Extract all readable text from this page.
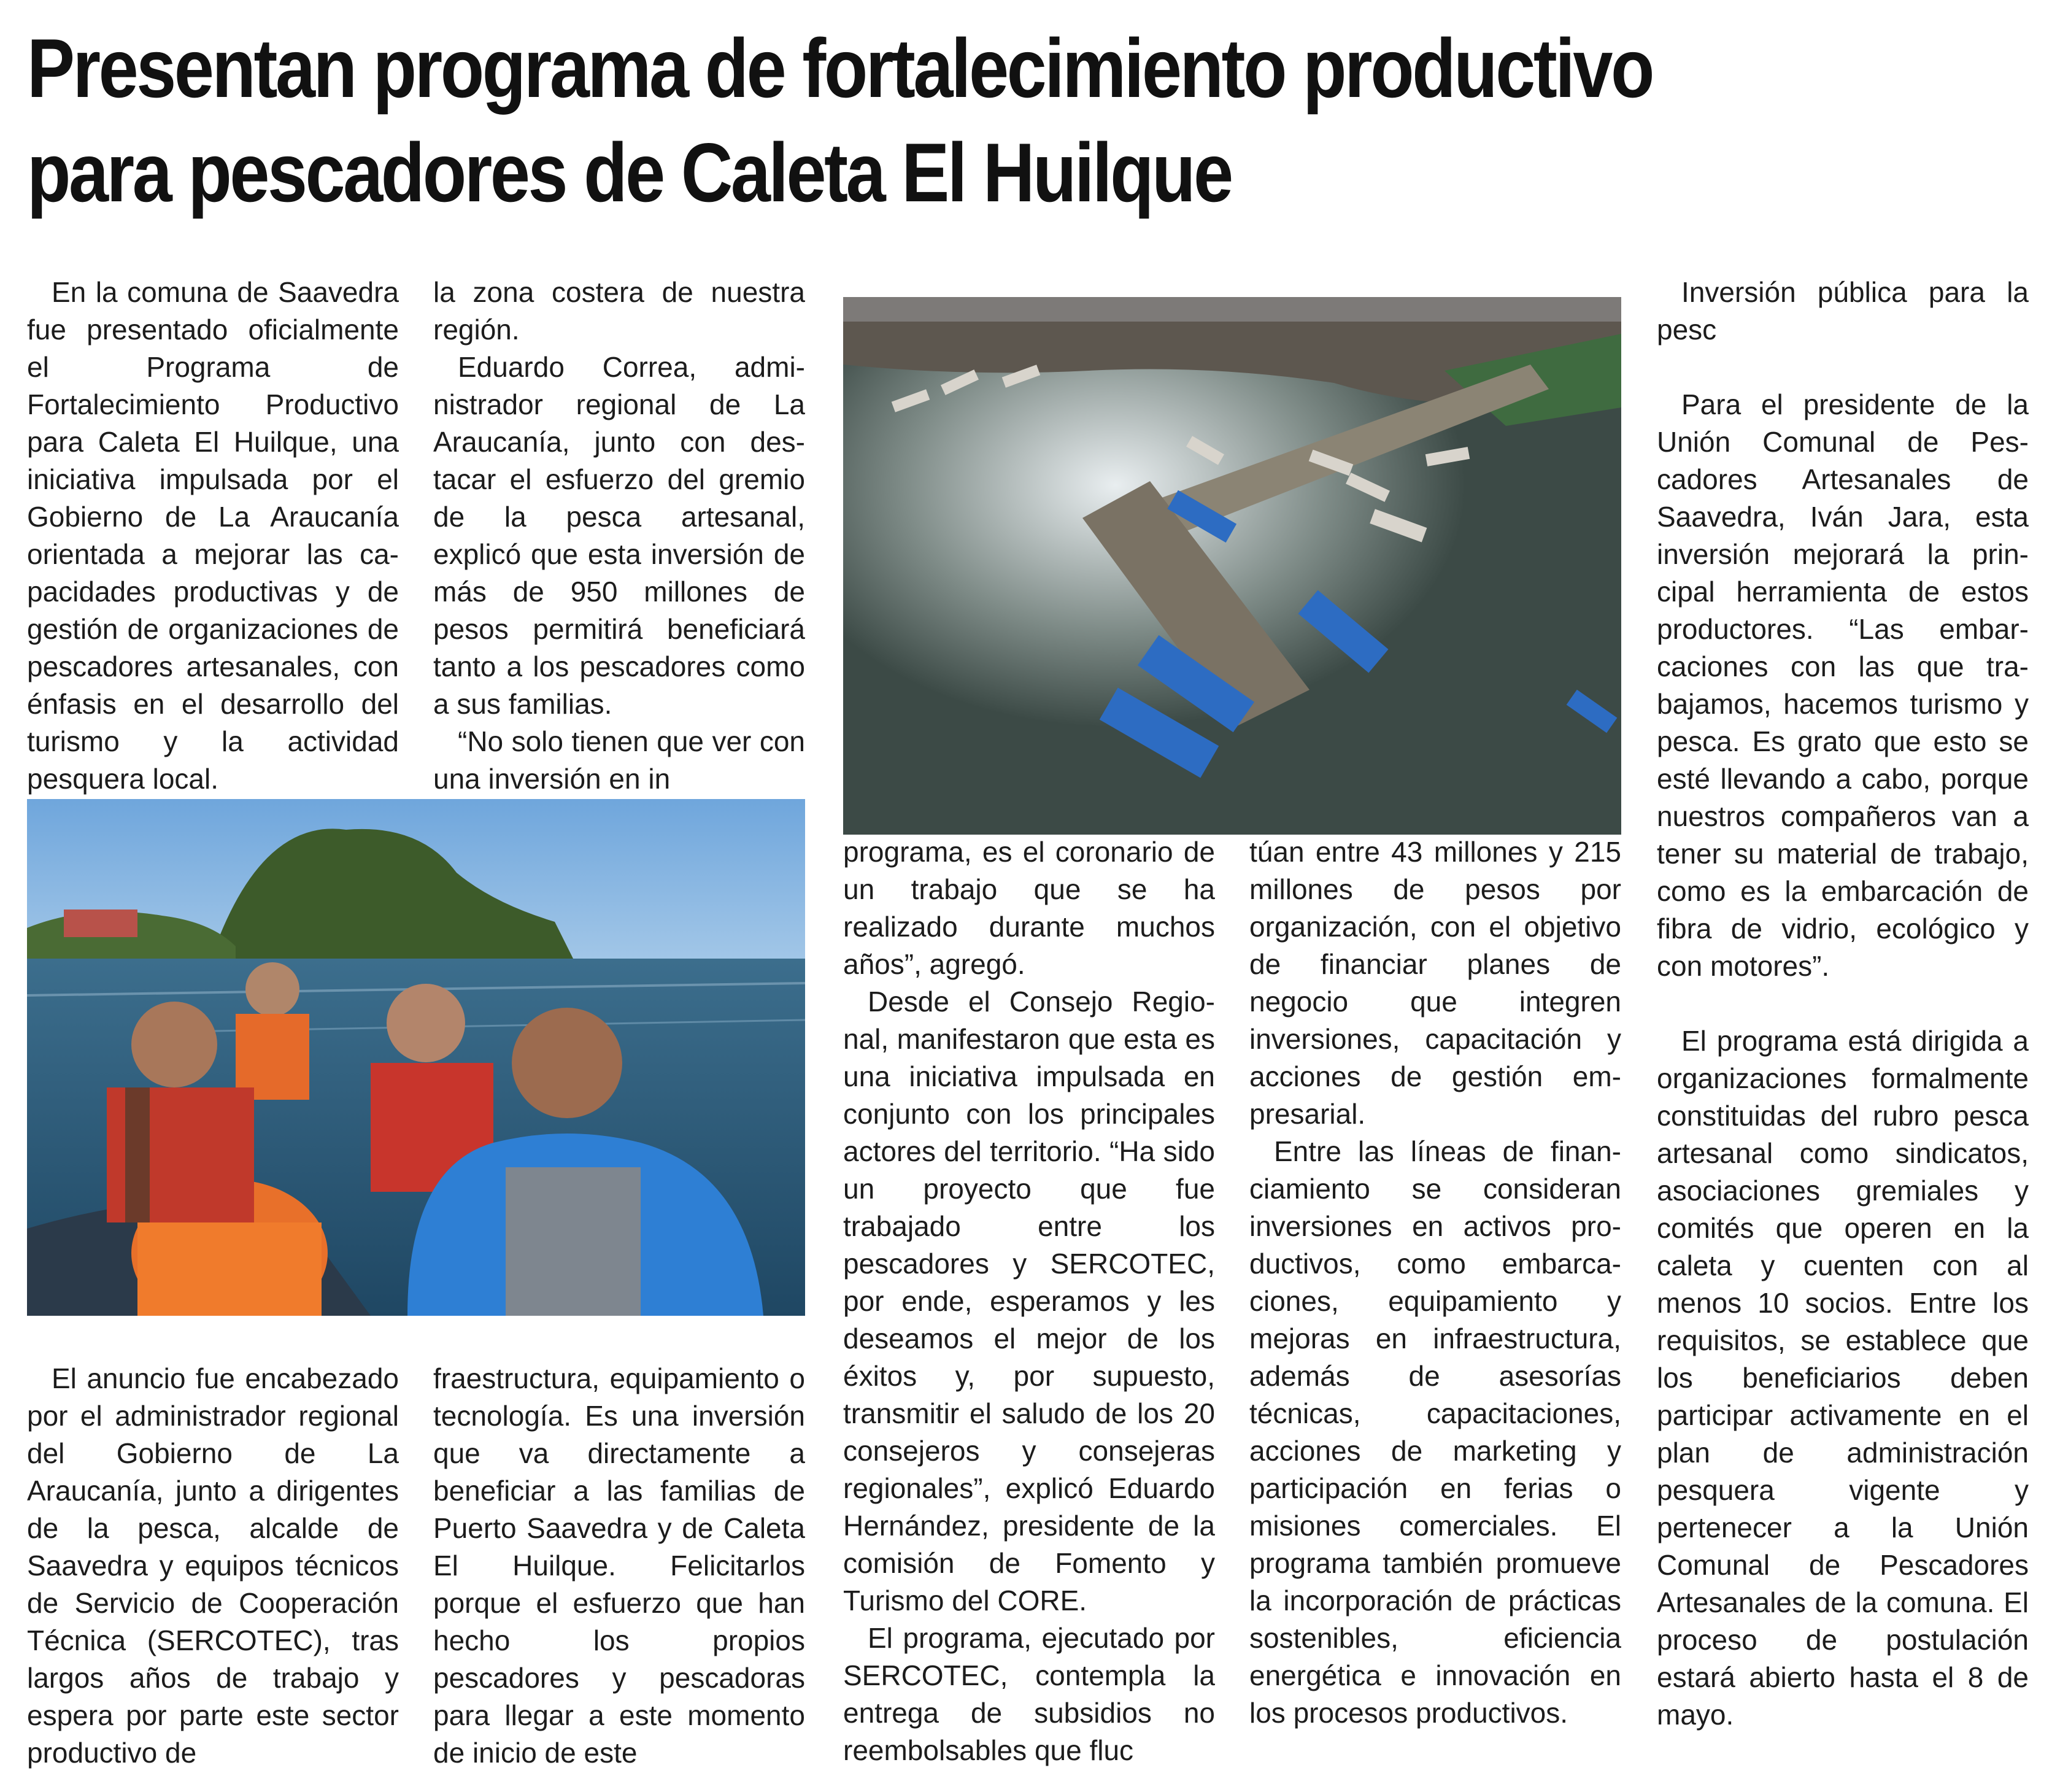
Presentan programa de fortalecimiento productivo
para pescadores de Caleta El Huilque

En la comuna de Saavedra fue presentado oficialmente el Programa de Fortalecimiento Productivo para Caleta El Huilque, una iniciativa impulsada por el Gobierno de La Araucanía orientada a mejorar las capacidades productivas y de gestión de organizaciones de pescadores artesanales, con énfasis en el desarrollo del turismo y la actividad pesquera local.

la zona costera de nuestra región.

Eduardo Correa, administrador regional de La Araucanía, junto con destacar el esfuerzo del gremio de la pesca artesanal, explicó que esta inversión de más de 950 millones de pesos permitirá beneficiará tanto a los pescadores como a sus familias.

“No solo tienen que ver con una inversión en in

El anuncio fue encabezado por el administrador regional del Gobierno de La Araucanía, junto a dirigentes de la pesca, alcalde de Saavedra y equipos técnicos de Servicio de Cooperación Técnica (SERCOTEC), tras largos años de trabajo y espera por parte este sector productivo de

fraestructura, equipamiento o tecnología. Es una inversión que va directamente a beneficiar a las familias de Puerto Saavedra y de Caleta El Huilque. Felicitarlos porque el esfuerzo que han hecho los propios pescadores y pescadoras para llegar a este momento de inicio de este

programa, es el coronario de un trabajo que se ha realizado durante muchos años”, agregó.

Desde el Consejo Regional, manifestaron que esta es una iniciativa impulsada en conjunto con los principales actores del territorio. “Ha sido un proyecto que fue trabajado entre los pescadores y SERCOTEC, por ende, esperamos y les deseamos el mejor de los éxitos y, por supuesto, transmitir el saludo de los 20 consejeros y consejeras regionales”, explicó Eduardo Hernández, presidente de la comisión de Fomento y Turismo del CORE.

El programa, ejecutado por SERCOTEC, contempla la entrega de subsidios no reembolsables que fluc

túan entre 43 millones y 215 millones de pesos por organización, con el objetivo de financiar planes de negocio que integren inversiones, capacitación y acciones de gestión empresarial.

Entre las líneas de financiamiento se consideran inversiones en activos productivos, como embarcaciones, equipamiento y mejoras en infraestructura, además de asesorías técnicas, capacitaciones, acciones de marketing y participación en ferias o misiones comerciales. El programa también promueve la incorporación de prácticas sostenibles, eficiencia energética e innovación en los procesos productivos.

Inversión pública para la pesc

Para el presidente de la Unión Comunal de Pescadores Artesanales de Saavedra, Iván Jara, esta inversión mejorará la principal herramienta de estos productores. “Las embarcaciones con las que trabajamos, hacemos turismo y pesca. Es grato que esto se esté llevando a cabo, porque nuestros compañeros van a tener su material de trabajo, como es la embarcación de fibra de vidrio, ecológico y con motores”.

El programa está dirigida a organizaciones formalmente constituidas del rubro pesca artesanal como sindicatos, asociaciones gremiales y comités que operen en la caleta y cuenten con al menos 10 socios. Entre los requisitos, se establece que los beneficiarios deben participar activamente en el plan de administración pesquera vigente y pertenecer a la Unión Comunal de Pescadores Artesanales de la comuna. El proceso de postulación estará abierto hasta el 8 de mayo.
